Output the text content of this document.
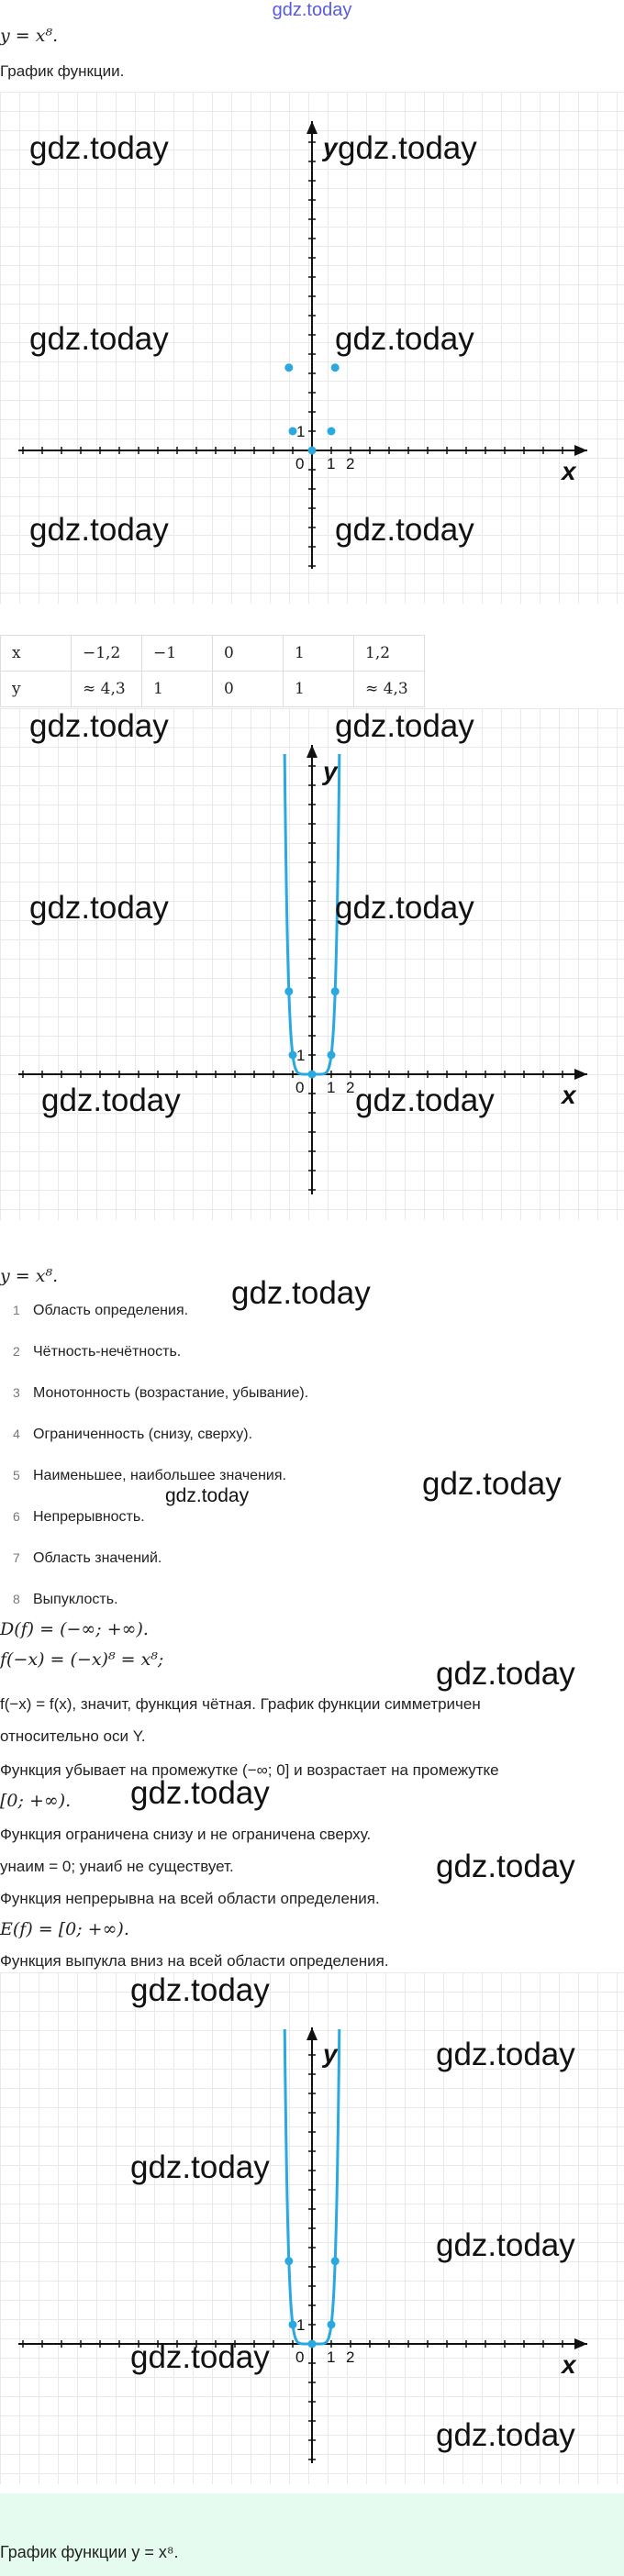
gdz.today
y = x⁸.
График функции.
x
y
0 1 2
1
gdz.today	gdz.today
gdz.today	gdz.today
gdz.today	gdz.today
x	−1,2	−1	0	1	1,2
y	≈ 4,3	1	0	1	≈ 4,3
x
y
0 1 2
1
gdz.today	gdz.today
gdz.today	gdz.today
gdz.today	gdz.today
y = x⁸.	gdz.today
1 Область определения.
2 Чётность-нечётность.
3 Монотонность (возрастание, убывание).
4 Ограниченность (снизу, сверху).
5 Наименьшее, наибольшее значения.
gdz.today	gdz.today
6 Непрерывность.
7 Область значений.
8 Выпуклость.
D(f) = (−∞; +∞).
f(−x) = (−x)⁸ = x⁸;	gdz.today
f(−x) = f(x), значит, функция чётная. График функции симметричен
относительно оси Y.
Функция убывает на промежутке (−∞; 0] и возрастает на промежутке
[0; +∞). gdz.today
Функция ограничена снизу и не ограничена сверху.
yнаим = 0; yнаиб не существует.	gdz.today
Функция непрерывна на всей области определения.
E(f) = [0; +∞).
Функция выпукла вниз на всей области определения.
x
y
0 1 2
1
gdz.today
gdz.today
gdz.today
gdz.today
gdz.today
gdz.today
График функции y = x⁸.
